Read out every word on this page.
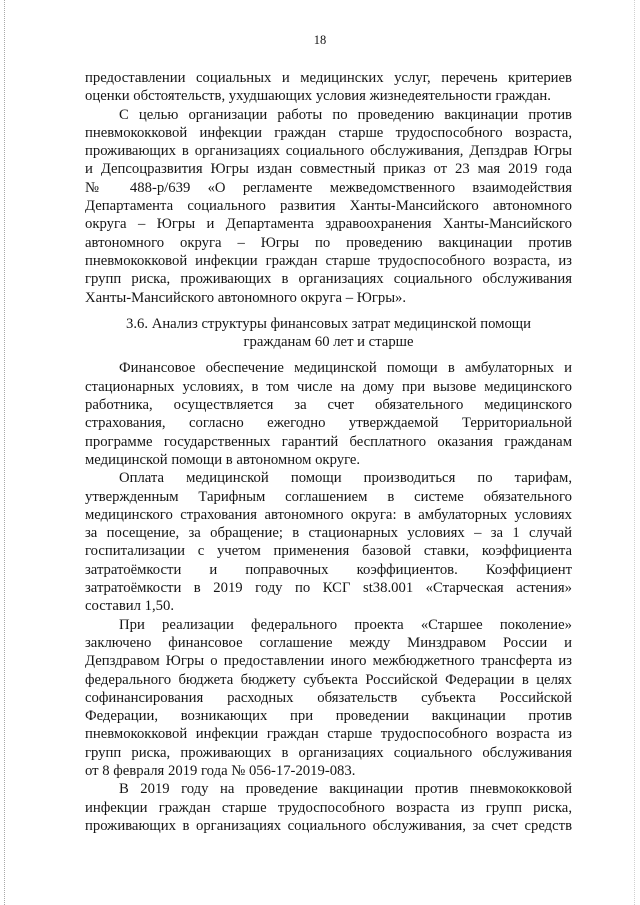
18
предоставлении социальных и медицинских услуг, перечень критериев
оценки обстоятельств, ухудшающих условия жизнедеятельности граждан.
С целью организации работы по проведению вакцинации против
пневмококковой инфекции граждан старше трудоспособного возраста,
проживающих в организациях социального обслуживания, Депздрав Югры
и Депсоцразвития Югры издан совместный приказ от 23 мая 2019 года
№ 488-р/639 «О регламенте межведомственного взаимодействия
Департамента социального развития Ханты-Мансийского автономного
округа – Югры и Департамента здравоохранения Ханты-Мансийского
автономного округа – Югры по проведению вакцинации против
пневмококковой инфекции граждан старше трудоспособного возраста, из
групп риска, проживающих в организациях социального обслуживания
Ханты-Мансийского автономного округа – Югры».
3.6. Анализ структуры финансовых затрат медицинской помощи
гражданам 60 лет и старше
Финансовое обеспечение медицинской помощи в амбулаторных и
стационарных условиях, в том числе на дому при вызове медицинского
работника, осуществляется за счет обязательного медицинского
страхования, согласно ежегодно утверждаемой Территориальной
программе государственных гарантий бесплатного оказания гражданам
медицинской помощи в автономном округе.
Оплата медицинской помощи производиться по тарифам,
утвержденным Тарифным соглашением в системе обязательного
медицинского страхования автономного округа: в амбулаторных условиях
за посещение, за обращение; в стационарных условиях – за 1 случай
госпитализации с учетом применения базовой ставки, коэффициента
затратоёмкости и поправочных коэффициентов. Коэффициент
затратоёмкости в 2019 году по КСГ st38.001 «Старческая астения»
составил 1,50.
При реализации федерального проекта «Старшее поколение»
заключено финансовое соглашение между Минздравом России и
Депздравом Югры о предоставлении иного межбюджетного трансферта из
федерального бюджета бюджету субъекта Российской Федерации в целях
софинансирования расходных обязательств субъекта Российской
Федерации, возникающих при проведении вакцинации против
пневмококковой инфекции граждан старше трудоспособного возраста из
групп риска, проживающих в организациях социального обслуживания
от 8 февраля 2019 года № 056-17-2019-083.
В 2019 году на проведение вакцинации против пневмококковой
инфекции граждан старше трудоспособного возраста из групп риска,
проживающих в организациях социального обслуживания, за счет средств
